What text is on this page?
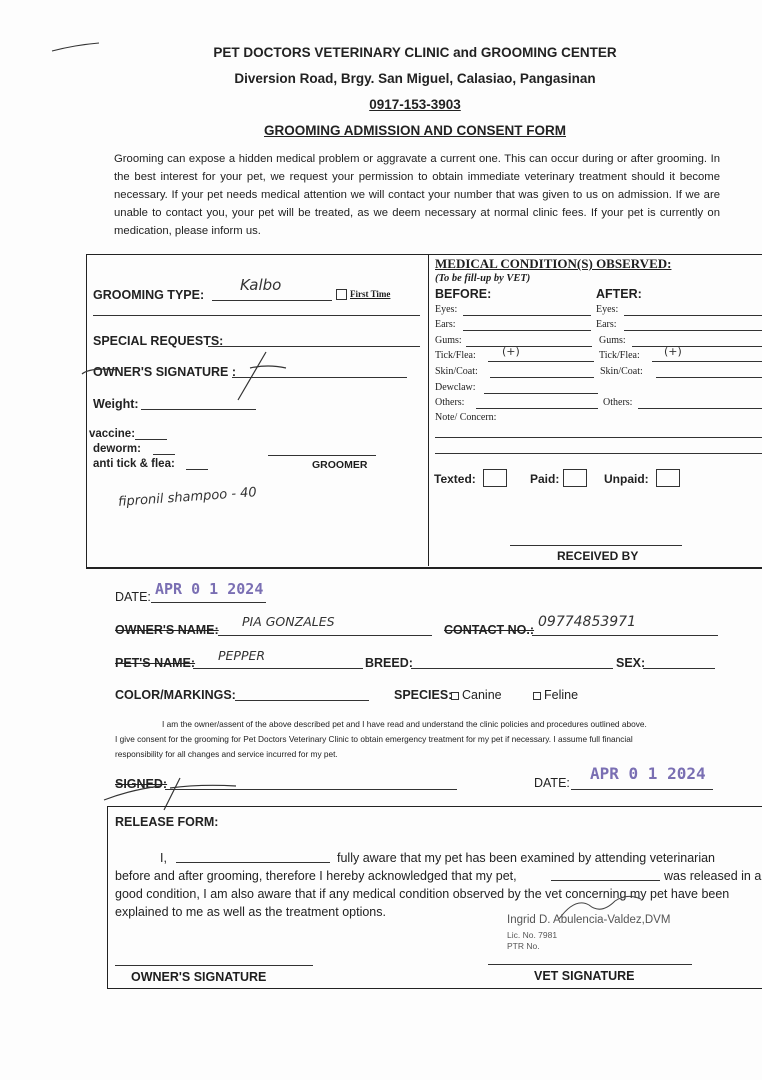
PET DOCTORS VETERINARY CLINIC and GROOMING CENTER
Diversion Road, Brgy. San Miguel, Calasiao, Pangasinan
0917-153-3903
GROOMING ADMISSION AND CONSENT FORM
Grooming can expose a hidden medical problem or aggravate a current one. This can occur during or after grooming. In the best interest for your pet, we request your permission to obtain immediate veterinary treatment should it become necessary. If your pet needs medical attention we will contact your number that was given to us on admission. If we are unable to contact you, your pet will be treated, as we deem necessary at normal clinic fees. If your pet is currently on medication, please inform us.
GROOMING TYPE:
Kalbo	First Time
SPECIAL REQUESTS:
OWNER'S SIGNATURE :
Weight:
vaccine:
deworm:
anti tick & flea:	GROOMER
fipronil shampoo - 40
MEDICAL CONDITION(S) OBSERVED:
(To be fill-up by VET)
BEFORE:	AFTER:
Eyes:	Eyes:
Ears:	Ears:
Gums:	Gums:
Tick/Flea: (+)	Tick/Flea: (+)
Skin/Coat:	Skin/Coat:
Dewclaw:
Others:	Others:
Note/ Concern:
Texted:	Paid:	Unpaid:
RECEIVED BY
DATE: APR 0 1 2024
OWNER'S NAME:
PIA GONZALES
CONTACT NO.: 09774853971
PET'S NAME: PEPPER	BREED:	SEX:
COLOR/MARKINGS:	SPECIES: Canine	Feline
I am the owner/assent of the above described pet and I have read and understand the clinic policies and procedures outlined above.
I give consent for the grooming for Pet Doctors Veterinary Clinic to obtain emergency treatment for my pet if necessary. I assume full financial
responsibility for all changes and service incurred for my pet.
SIGNED:	DATE: APR 0 1 2024
RELEASE FORM:
I,	fully aware that my pet has been examined by attending veterinarian
before and after grooming, therefore I hereby acknowledged that my pet,	was released in a
good condition, I am also aware that if any medical condition observed by the vet concerning my pet have been
explained to me as well as the treatment options.
Ingrid D. Abulencia-Valdez,DVM
Lic. No. 7981
PTR No.
OWNER'S SIGNATURE	VET SIGNATURE
